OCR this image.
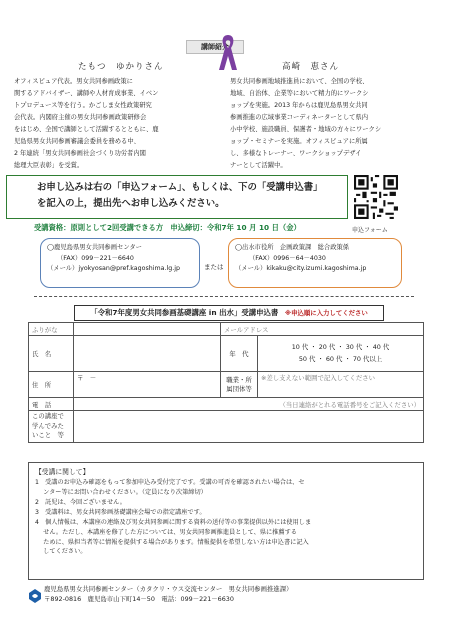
講師紹介
たもつ　ゆかりさん
オフィスピュア代表。男女共同参画政策に
関するアドバイザー、講師や人材育成事業、イベン
トプロデュース等を行う。かごしま女性政策研究
会代表。内閣府主催の男女共同参画政策研修会
をはじめ、全国で講師として活躍するとともに、鹿
児島県男女共同参画審議会委員を務める中、
2 年連続「男女共同参画社会づくり功労者内閣
総理大臣表彰」を受賞。
高崎　恵さん
男女共同参画地域推進員において、全国の学校、
地域、自治体、企業等において精力的にワークシ
ョップを実施。2013 年からは鹿児島県男女共同
参画推進の広域事業コーディネーターとして県内
小中学校、施設職員、保護者・地域の方々にワークシ
ョップ・セミナーを実施。オフィスピュアに所属
し、多様なトレーナー、ワークショップデザイ
ナーとして活躍中。
お申し込みは右の「申込フォーム」、もしくは、下の「受講申込書」
を記入の上，提出先へお申し込みください。
申込フォーム
受講資格：原則として2回受講できる方　申込締切：令和7年 10 月 10 日（金）
◯鹿児島県男女共同参画センター
（FAX）099－221－6640
（メール）jyokyosan@pref.kagoshima.lg.jp	または
◯出水市役所　企画政策課　総合政策係
（FAX）0996－64－4030
（メール）kikaku@city.izumi.kagoshima.jp
「令和7年度男女共同参画基礎講座 in 出水」受講申込書 ※申込順に入力してください
ふりがな		メールアドレス	
氏　名		年　代	10 代 ・ 20 代 ・ 30 代 ・ 40 代
50 代 ・ 60 代 ・ 70 代以上

住　所	〒　－	職業・所属団体等	※差し支えない範囲で記入してください
電　話	（当日連絡がとれる電話番号をご記入ください）		
この講座で学んでみたいこと　等			
【受講に関して】
1　受講のお申込み確認をもって参加申込み受付完了です。受講の可否を確認されたい場合は、セ
　 ンター等にお問い合わせください。（定員になり次第締切）
2　託児は、今回ございません。
3　受講料は、男女共同参画基礎講座会場での指定講座です。
4　個人情報は、本講座の連絡及び男女共同参画に関する資料の送付等の事業提供以外には使用しま
　 せん。ただし、本講座を修了した方については、男女共同参画推進員として、県に推薦する
　 ために、県担当者等に情報を提供する場合があります。情報提供を希望しない方は申込書に記入
　 してください。
鹿児島県男女共同参画センター（カタクリ・ウス交流センター　男女共同参画推進課）
〒892-0816　鹿児島市山下町14－50　電話：099－221－6630
